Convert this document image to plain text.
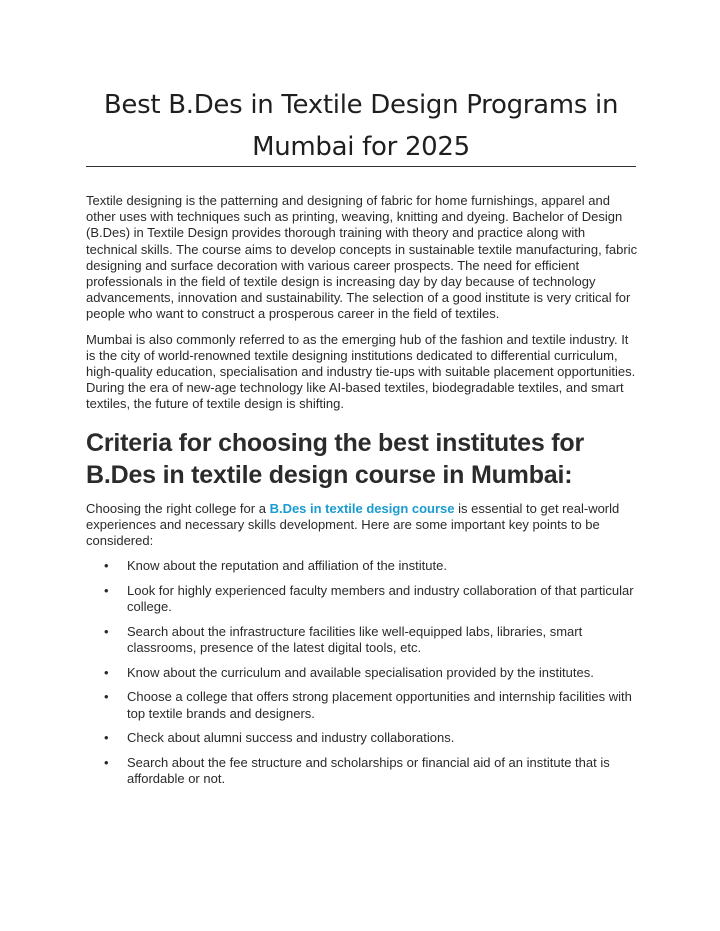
Best B.Des in Textile Design Programs in
Mumbai for 2025

Textile designing is the patterning and designing of fabric for home furnishings, apparel and other uses with techniques such as printing, weaving, knitting and dyeing. Bachelor of Design (B.Des) in Textile Design provides thorough training with theory and practice along with technical skills. The course aims to develop concepts in sustainable textile manufacturing, fabric designing and surface decoration with various career prospects. The need for efficient professionals in the field of textile design is increasing day by day because of technology advancements, innovation and sustainability. The selection of a good institute is very critical for people who want to construct a prosperous career in the field of textiles.

Mumbai is also commonly referred to as the emerging hub of the fashion and textile industry. It is the city of world-renowned textile designing institutions dedicated to differential curriculum, high-quality education, specialisation and industry tie-ups with suitable placement opportunities. During the era of new-age technology like AI-based textiles, biodegradable textiles, and smart textiles, the future of textile design is shifting.

Criteria for choosing the best institutes for B.Des in textile design course in Mumbai:

Choosing the right college for a B.Des in textile design course is essential to get real-world experiences and necessary skills development. Here are some important key points to be considered:

• Know about the reputation and affiliation of the institute.
• Look for highly experienced faculty members and industry collaboration of that particular college.
• Search about the infrastructure facilities like well-equipped labs, libraries, smart classrooms, presence of the latest digital tools, etc.
• Know about the curriculum and available specialisation provided by the institutes.
• Choose a college that offers strong placement opportunities and internship facilities with top textile brands and designers.
• Check about alumni success and industry collaborations.
• Search about the fee structure and scholarships or financial aid of an institute that is affordable or not.
